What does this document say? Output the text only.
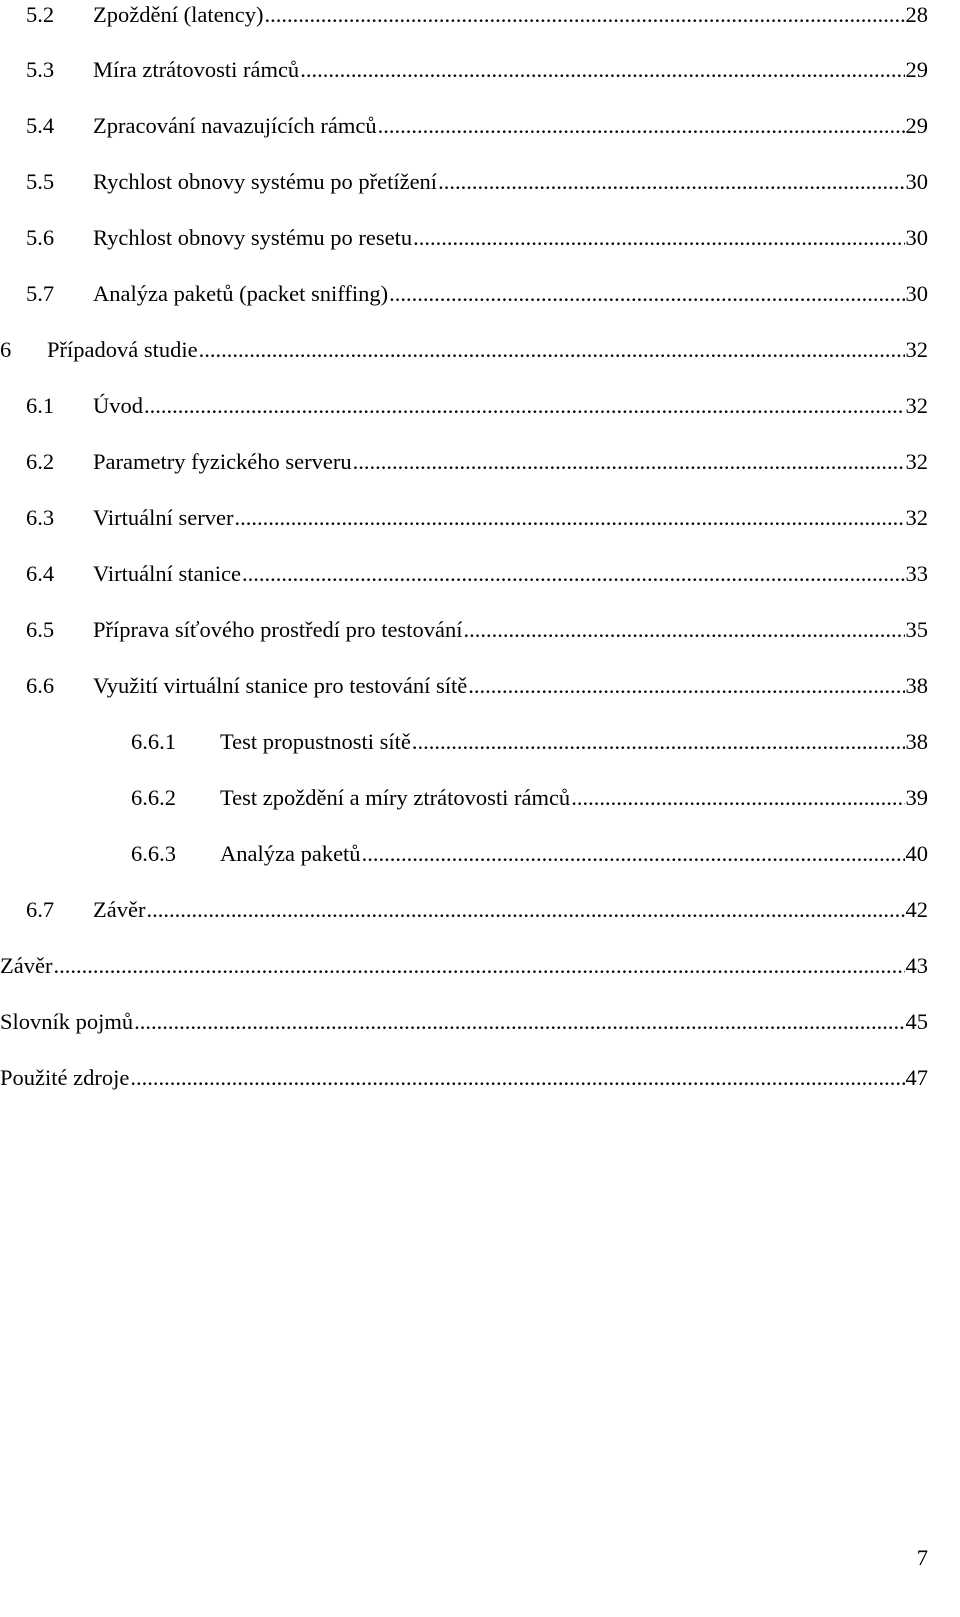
5.2	Zpoždění (latency) .....	28
5.3	Míra ztrátovosti rámců .....	29
5.4	Zpracování navazujících rámců .....	29
5.5	Rychlost obnovy systému po přetížení .....	30
5.6	Rychlost obnovy systému po resetu .....	30
5.7	Analýza paketů (packet sniffing) .....	30
6	Případová studie .....	32
6.1	Úvod .....	32
6.2	Parametry fyzického serveru .....	32
6.3	Virtuální server .....	32
6.4	Virtuální stanice .....	33
6.5	Příprava síťového prostředí pro testování .....	35
6.6	Využití virtuální stanice pro testování sítě .....	38
6.6.1	Test propustnosti sítě .....	38
6.6.2	Test zpoždění a míry ztrátovosti rámců .....	39
6.6.3	Analýza paketů .....	40
6.7	Závěr .....	42
Závěr .....	43
Slovník pojmů .....	45
Použité zdroje .....	47
7
